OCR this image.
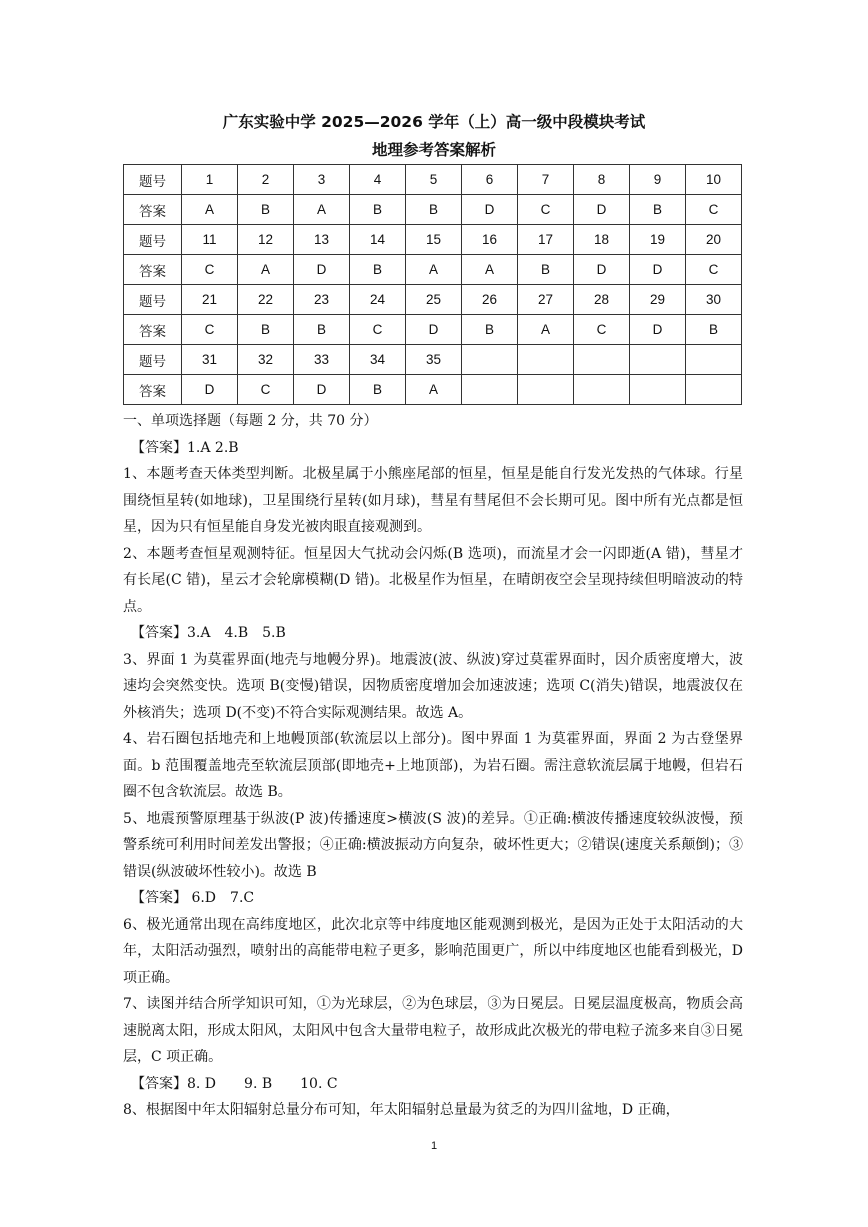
广东实验中学 2025—2026 学年（上）高一级中段模块考试
地理参考答案解析
题号	1	2	3	4	5	6	7	8	9	10
答案	A	B	A	B	B	D	C	D	B	C
题号	11	12	13	14	15	16	17	18	19	20
答案	C	A	D	B	A	A	B	D	D	C
题号	21	22	23	24	25	26	27	28	29	30
答案	C	B	B	C	D	B	A	C	D	B
题号	31	32	33	34	35					
答案	D	C	D	B	A					

一、单项选择题（每题 2 分，共 70 分）

【答案】1.A 2.B

1、本题考查天体类型判断。北极星属于小熊座尾部的恒星，恒星是能自行发光发热的气体球。行星围绕恒星转(如地球)，卫星围绕行星转(如月球)，彗星有彗尾但不会长期可见。图中所有光点都是恒星，因为只有恒星能自身发光被肉眼直接观测到。

2、本题考查恒星观测特征。恒星因大气扰动会闪烁(B 选项)，而流星才会一闪即逝(A 错)，彗星才有长尾(C 错)，星云才会轮廓模糊(D 错)。北极星作为恒星，在晴朗夜空会呈现持续但明暗波动的特点。

【答案】3.A　4.B　5.B

3、界面 1 为莫霍界面(地壳与地幔分界)。地震波(波、纵波)穿过莫霍界面时，因介质密度增大，波速均会突然变快。选项 B(变慢)错误，因物质密度增加会加速波速；选项 C(消失)错误，地震波仅在外核消失；选项 D(不变)不符合实际观测结果。故选 A。

4、岩石圈包括地壳和上地幔顶部(软流层以上部分)。图中界面 1 为莫霍界面，界面 2 为古登堡界面。b 范围覆盖地壳至软流层顶部(即地壳+上地顶部)，为岩石圈。需注意软流层属于地幔，但岩石圈不包含软流层。故选 B。

5、地震预警原理基于纵波(P 波)传播速度>横波(S 波)的差异。①正确:横波传播速度较纵波慢，预警系统可利用时间差发出警报；④正确:横波振动方向复杂，破坏性更大；②错误(速度关系颠倒)；③错误(纵波破坏性较小)。故选 B

【答案】 6.D　7.C

6、极光通常出现在高纬度地区，此次北京等中纬度地区能观测到极光，是因为正处于太阳活动的大年，太阳活动强烈，喷射出的高能带电粒子更多，影响范围更广，所以中纬度地区也能看到极光，D 项正确。

7、读图并结合所学知识可知，①为光球层，②为色球层，③为日冕层。日冕层温度极高，物质会高速脱离太阳，形成太阳风，太阳风中包含大量带电粒子，故形成此次极光的带电粒子流多来自③日冕层，C 项正确。

【答案】8. D　　9. B　　10. C

8、根据图中年太阳辐射总量分布可知，年太阳辐射总量最为贫乏的为四川盆地，D 正确，

1
